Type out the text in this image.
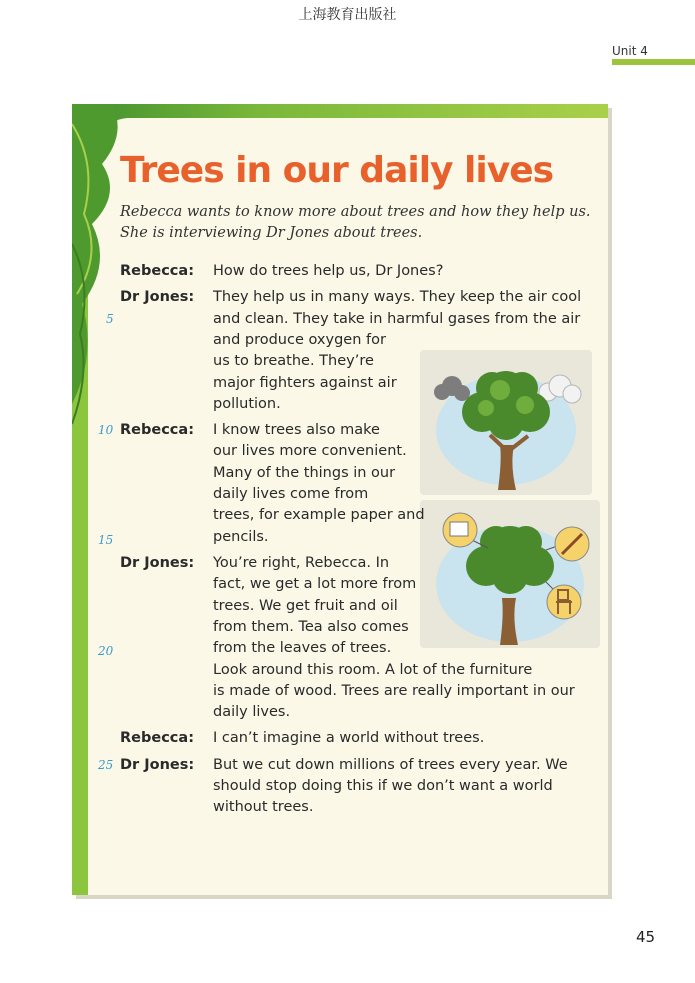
上海教育出版社
Unit 4
Trees in our daily lives
Rebecca wants to know more about trees and how they help us.
She is interviewing Dr Jones about trees.
Rebecca:
Dr Jones:
Rebecca:
Dr Jones:
Rebecca:
Dr Jones:
How do trees help us, Dr Jones?
They help us in many ways. They keep the air cool
and clean. They take in harmful gases from the air
and produce oxygen for
us to breathe. They’re
major fighters against air
pollution.
I know trees also make
our lives more convenient.
Many of the things in our
daily lives come from
trees, for example paper and
pencils.
You’re right, Rebecca. In
fact, we get a lot more from
trees. We get fruit and oil
from them. Tea also comes
from the leaves of trees.
Look around this room. A lot of the furniture
is made of wood. Trees are really important in our
daily lives.
I can’t imagine a world without trees.
But we cut down millions of trees every year. We
should stop doing this if we don’t want a world
without trees.
5
10
15
20
25
45
